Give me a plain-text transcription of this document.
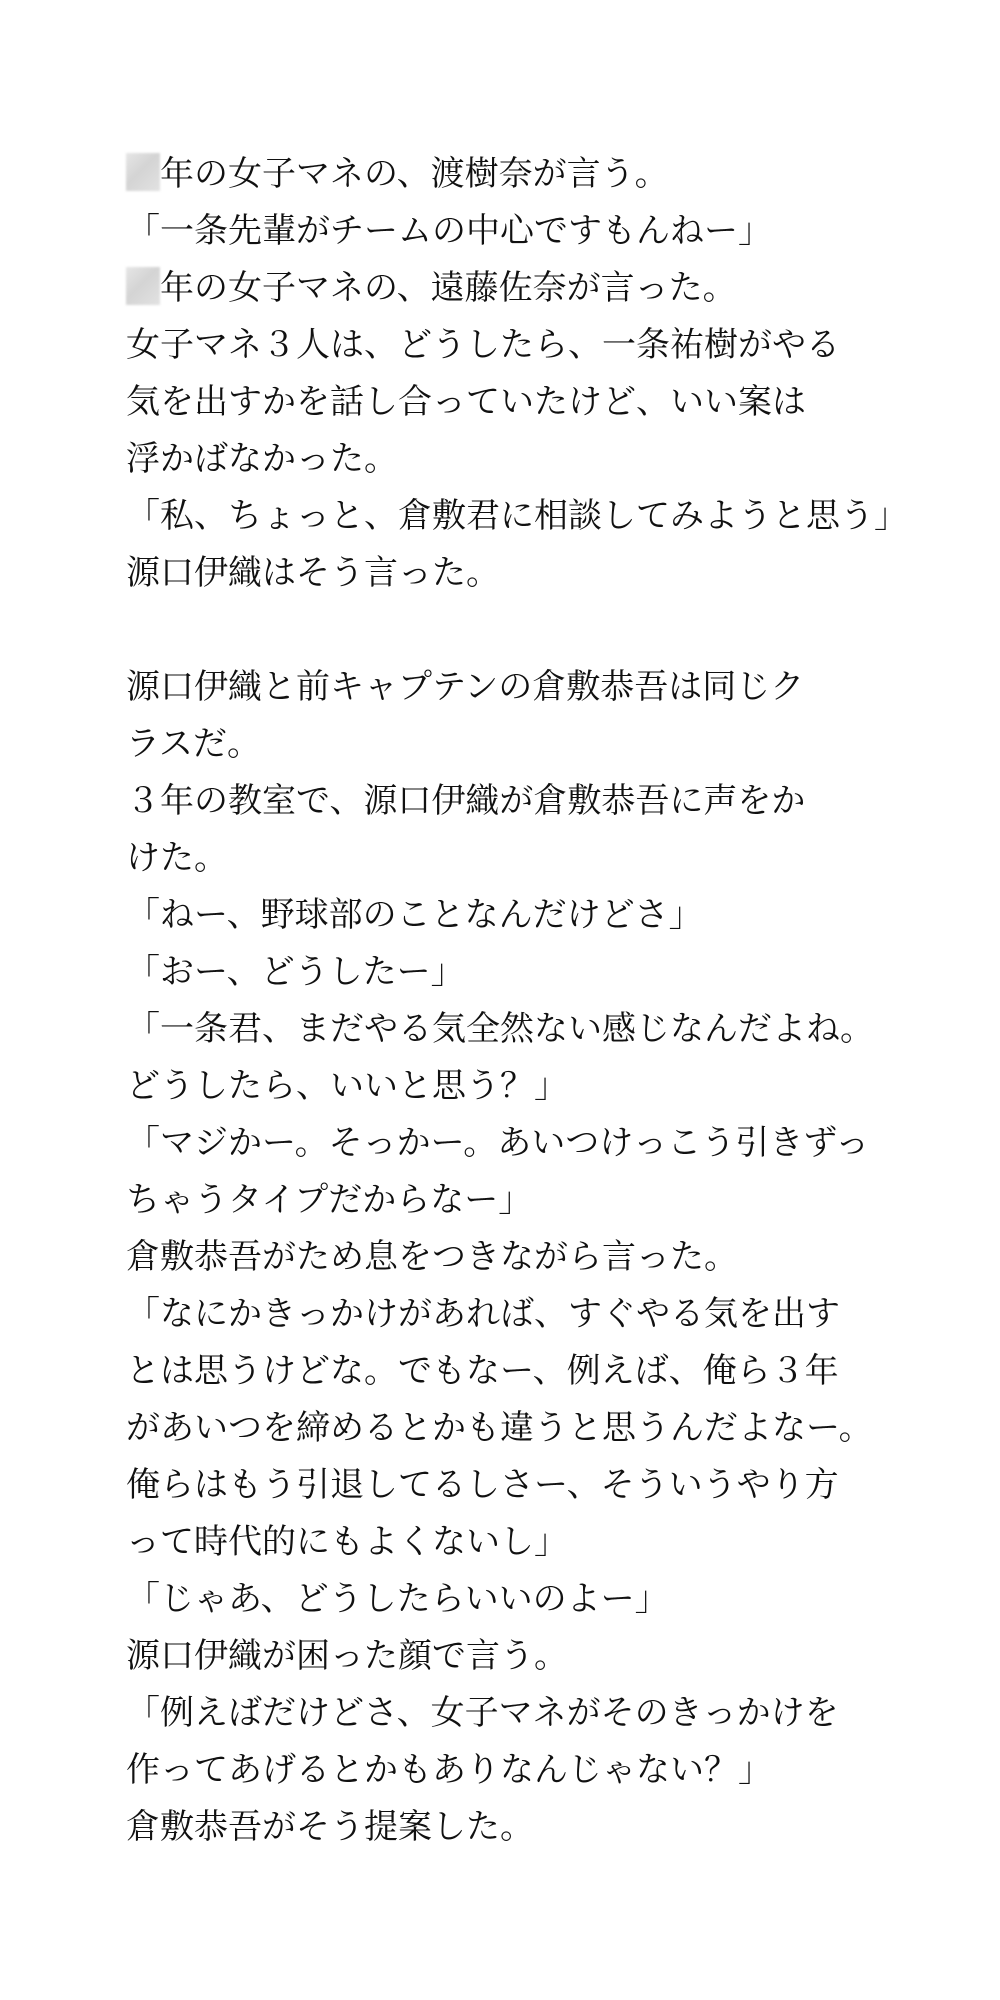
年の女子マネの、渡樹奈が言う。
「一条先輩がチームの中心ですもんねー」
年の女子マネの、遠藤佐奈が言った。
女子マネ３人は、どうしたら、一条祐樹がやる
気を出すかを話し合っていたけど、いい案は
浮かばなかった。
「私、ちょっと、倉敷君に相談してみようと思う」
源口伊織はそう言った。
源口伊織と前キャプテンの倉敷恭吾は同じク
ラスだ。
３年の教室で、源口伊織が倉敷恭吾に声をか
けた。
「ねー、野球部のことなんだけどさ」
「おー、どうしたー」
「一条君、まだやる気全然ない感じなんだよね。
どうしたら、いいと思う？」
「マジかー。そっかー。あいつけっこう引きずっ
ちゃうタイプだからなー」
倉敷恭吾がため息をつきながら言った。
「なにかきっかけがあれば、すぐやる気を出す
とは思うけどな。でもなー、例えば、俺ら３年
があいつを締めるとかも違うと思うんだよなー。
俺らはもう引退してるしさー、そういうやり方
って時代的にもよくないし」
「じゃあ、どうしたらいいのよー」
源口伊織が困った顔で言う。
「例えばだけどさ、女子マネがそのきっかけを
作ってあげるとかもありなんじゃない？」
倉敷恭吾がそう提案した。
